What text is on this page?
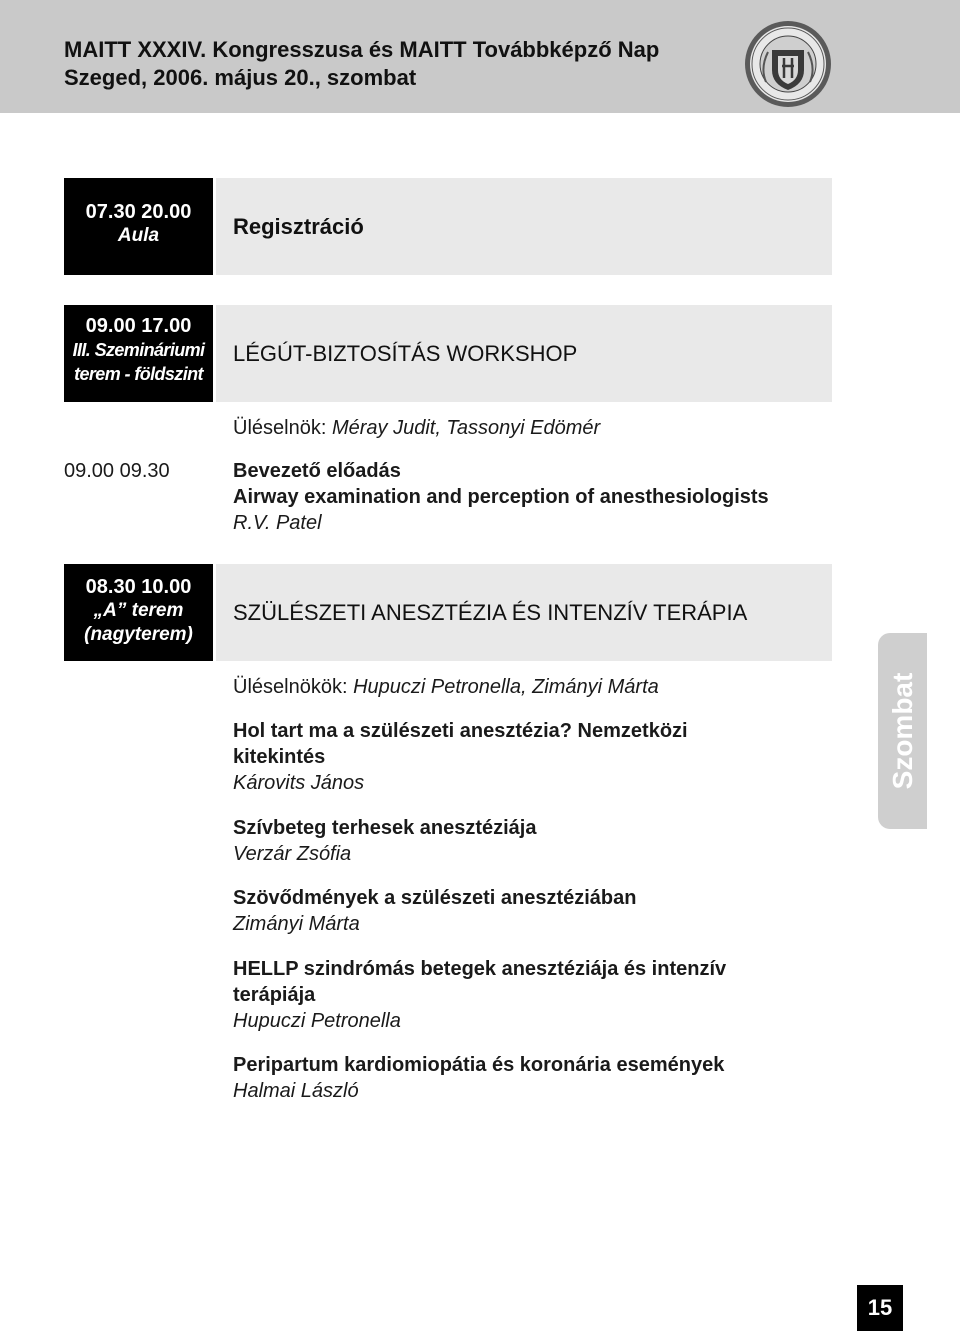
MAITT XXXIV. Kongresszusa és MAITT Továbbképző Nap
Szeged, 2006. május 20., szombat
07.30 20.00
Aula	Regisztráció
09.00 17.00
III. Szemináriumi
terem - földszint
LÉGÚT-BIZTOSÍTÁS WORKSHOP
Üléselnök: Méray Judit, Tassonyi Edömér
09.00 09.30	Bevezető előadás
Airway examination and perception of anesthesiologists
R.V. Patel
08.30 10.00
„A” terem
(nagyterem)
SZÜLÉSZETI ANESZTÉZIA ÉS INTENZÍV TERÁPIA
Üléselnökök: Hupuczi Petronella, Zimányi Márta
Hol tart ma a szülészeti anesztézia? Nemzetközi
kitekintés
Károvits János
Szívbeteg terhesek anesztéziája
Verzár Zsófia
Szövődmények a szülészeti anesztéziában
Zimányi Márta
HELLP szindrómás betegek anesztéziája és intenzív
terápiája
Hupuczi Petronella
Peripartum kardiomiopátia és koronária események
Halmai László
Szombat
15
